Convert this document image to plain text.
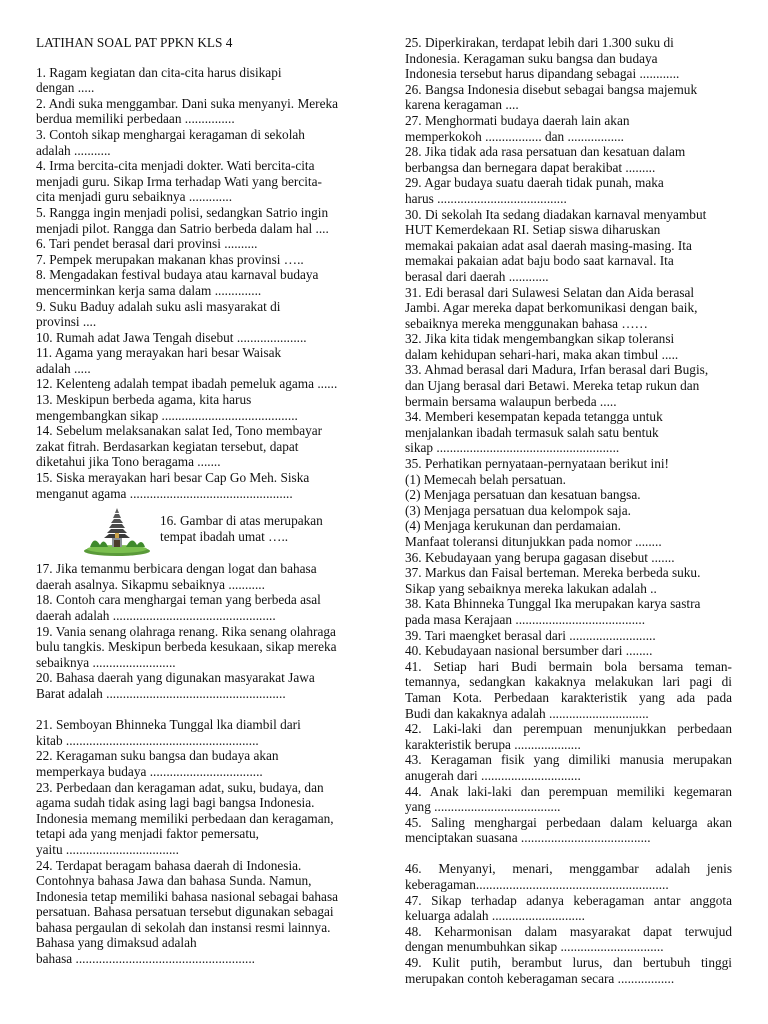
LATIHAN SOAL PAT PPKN KLS 4
1. Ragam kegiatan dan cita-cita harus disikapi
dengan .....
2. Andi suka menggambar. Dani suka menyanyi. Mereka
berdua memiliki perbedaan ...............
3. Contoh sikap menghargai keragaman di sekolah
adalah ...........
4. Irma bercita-cita menjadi dokter. Wati bercita-cita
menjadi guru. Sikap Irma terhadap Wati yang bercita-
cita menjadi guru sebaiknya .............
5. Rangga ingin menjadi polisi, sedangkan Satrio ingin
menjadi pilot. Rangga dan Satrio berbeda dalam hal ....
6. Tari pendet berasal dari provinsi ..........
7. Pempek merupakan makanan khas provinsi …..
8. Mengadakan festival budaya atau karnaval budaya
mencerminkan kerja sama dalam ..............
9. Suku Baduy adalah suku asli masyarakat di
provinsi ....
10. Rumah adat Jawa Tengah disebut .....................
11. Agama yang merayakan hari besar Waisak
adalah .....
12. Kelenteng adalah tempat ibadah pemeluk agama ......
13. Meskipun berbeda agama, kita harus
mengembangkan sikap .........................................
14. Sebelum melaksanakan salat Ied, Tono membayar
zakat fitrah. Berdasarkan kegiatan tersebut, dapat
diketahui jika Tono beragama .......
15. Siska merayakan hari besar Cap Go Meh. Siska
menganut agama .................................................
16. Gambar di atas merupakan
tempat ibadah umat …..
17. Jika temanmu berbicara dengan logat dan bahasa
daerah asalnya. Sikapmu sebaiknya ...........
18. Contoh cara menghargai teman yang berbeda asal
daerah adalah .................................................
19. Vania senang olahraga renang. Rika senang olahraga
bulu tangkis. Meskipun berbeda kesukaan, sikap mereka
sebaiknya .........................
20. Bahasa daerah yang digunakan masyarakat Jawa
Barat adalah ......................................................
21. Semboyan Bhinneka Tunggal lka diambil dari
kitab ..........................................................
22. Keragaman suku bangsa dan budaya akan
memperkaya budaya ..................................
23. Perbedaan dan keragaman adat, suku, budaya, dan
agama sudah tidak asing lagi bagi bangsa Indonesia.
Indonesia memang memiliki perbedaan dan keragaman,
tetapi ada yang menjadi faktor pemersatu,
yaitu ..................................
24. Terdapat beragam bahasa daerah di Indonesia.
Contohnya bahasa Jawa dan bahasa Sunda. Namun,
Indonesia tetap memiliki bahasa nasional sebagai bahasa
persatuan. Bahasa persatuan tersebut digunakan sebagai
bahasa pergaulan di sekolah dan instansi resmi lainnya.
Bahasa yang dimaksud adalah
bahasa ......................................................
25. Diperkirakan, terdapat lebih dari 1.300 suku di
Indonesia. Keragaman suku bangsa dan budaya
Indonesia tersebut harus dipandang sebagai ............
26. Bangsa Indonesia disebut sebagai bangsa majemuk
karena keragaman ....
27. Menghormati budaya daerah lain akan
memperkokoh ................. dan .................
28. Jika tidak ada rasa persatuan dan kesatuan dalam
berbangsa dan bernegara dapat berakibat .........
29. Agar budaya suatu daerah tidak punah, maka
harus .......................................
30. Di sekolah Ita sedang diadakan karnaval menyambut
HUT Kemerdekaan RI. Setiap siswa diharuskan
memakai pakaian adat asal daerah masing-masing. Ita
memakai pakaian adat baju bodo saat karnaval. Ita
berasal dari daerah ............
31. Edi berasal dari Sulawesi Selatan dan Aida berasal
Jambi. Agar mereka dapat berkomunikasi dengan baik,
sebaiknya mereka menggunakan bahasa ……
32. Jika kita tidak mengembangkan sikap toleransi
dalam kehidupan sehari-hari, maka akan timbul .....
33. Ahmad berasal dari Madura, Irfan berasal dari Bugis,
dan Ujang berasal dari Betawi. Mereka tetap rukun dan
bermain bersama walaupun berbeda .....
34. Memberi kesempatan kepada tetangga untuk
menjalankan ibadah termasuk salah satu bentuk
sikap .......................................................
35. Perhatikan pernyataan-pernyataan berikut ini!
(1) Memecah belah persatuan.
(2) Menjaga persatuan dan kesatuan bangsa.
(3) Menjaga persatuan dua kelompok saja.
(4) Menjaga kerukunan dan perdamaian.
Manfaat toleransi ditunjukkan pada nomor ........
36. Kebudayaan yang berupa gagasan disebut .......
37. Markus dan Faisal berteman. Mereka berbeda suku.
Sikap yang sebaiknya mereka lakukan adalah ..
38. Kata Bhinneka Tunggal Ika merupakan karya sastra
pada masa Kerajaan .......................................
39. Tari maengket berasal dari ..........................
40. Kebudayaan nasional bersumber dari ........
41. Setiap hari Budi bermain bola bersama teman-
temannya, sedangkan kakaknya melakukan lari pagi di
Taman Kota. Perbedaan karakteristik yang ada pada
Budi dan kakaknya adalah ..............................
42. Laki-laki dan perempuan menunjukkan perbedaan
karakteristik berupa ....................
43. Keragaman fisik yang dimiliki manusia merupakan
anugerah dari ..............................
44. Anak laki-laki dan perempuan memiliki kegemaran
yang ......................................
45. Saling menghargai perbedaan dalam keluarga akan
menciptakan suasana .......................................
46. Menyanyi, menari, menggambar adalah jenis
keberagaman..........................................................
47. Sikap terhadap adanya keberagaman antar anggota
keluarga adalah ............................
48. Keharmonisan dalam masyarakat dapat terwujud
dengan menumbuhkan sikap ...............................
49. Kulit putih, berambut lurus, dan bertubuh tinggi
merupakan contoh keberagaman secara .................
